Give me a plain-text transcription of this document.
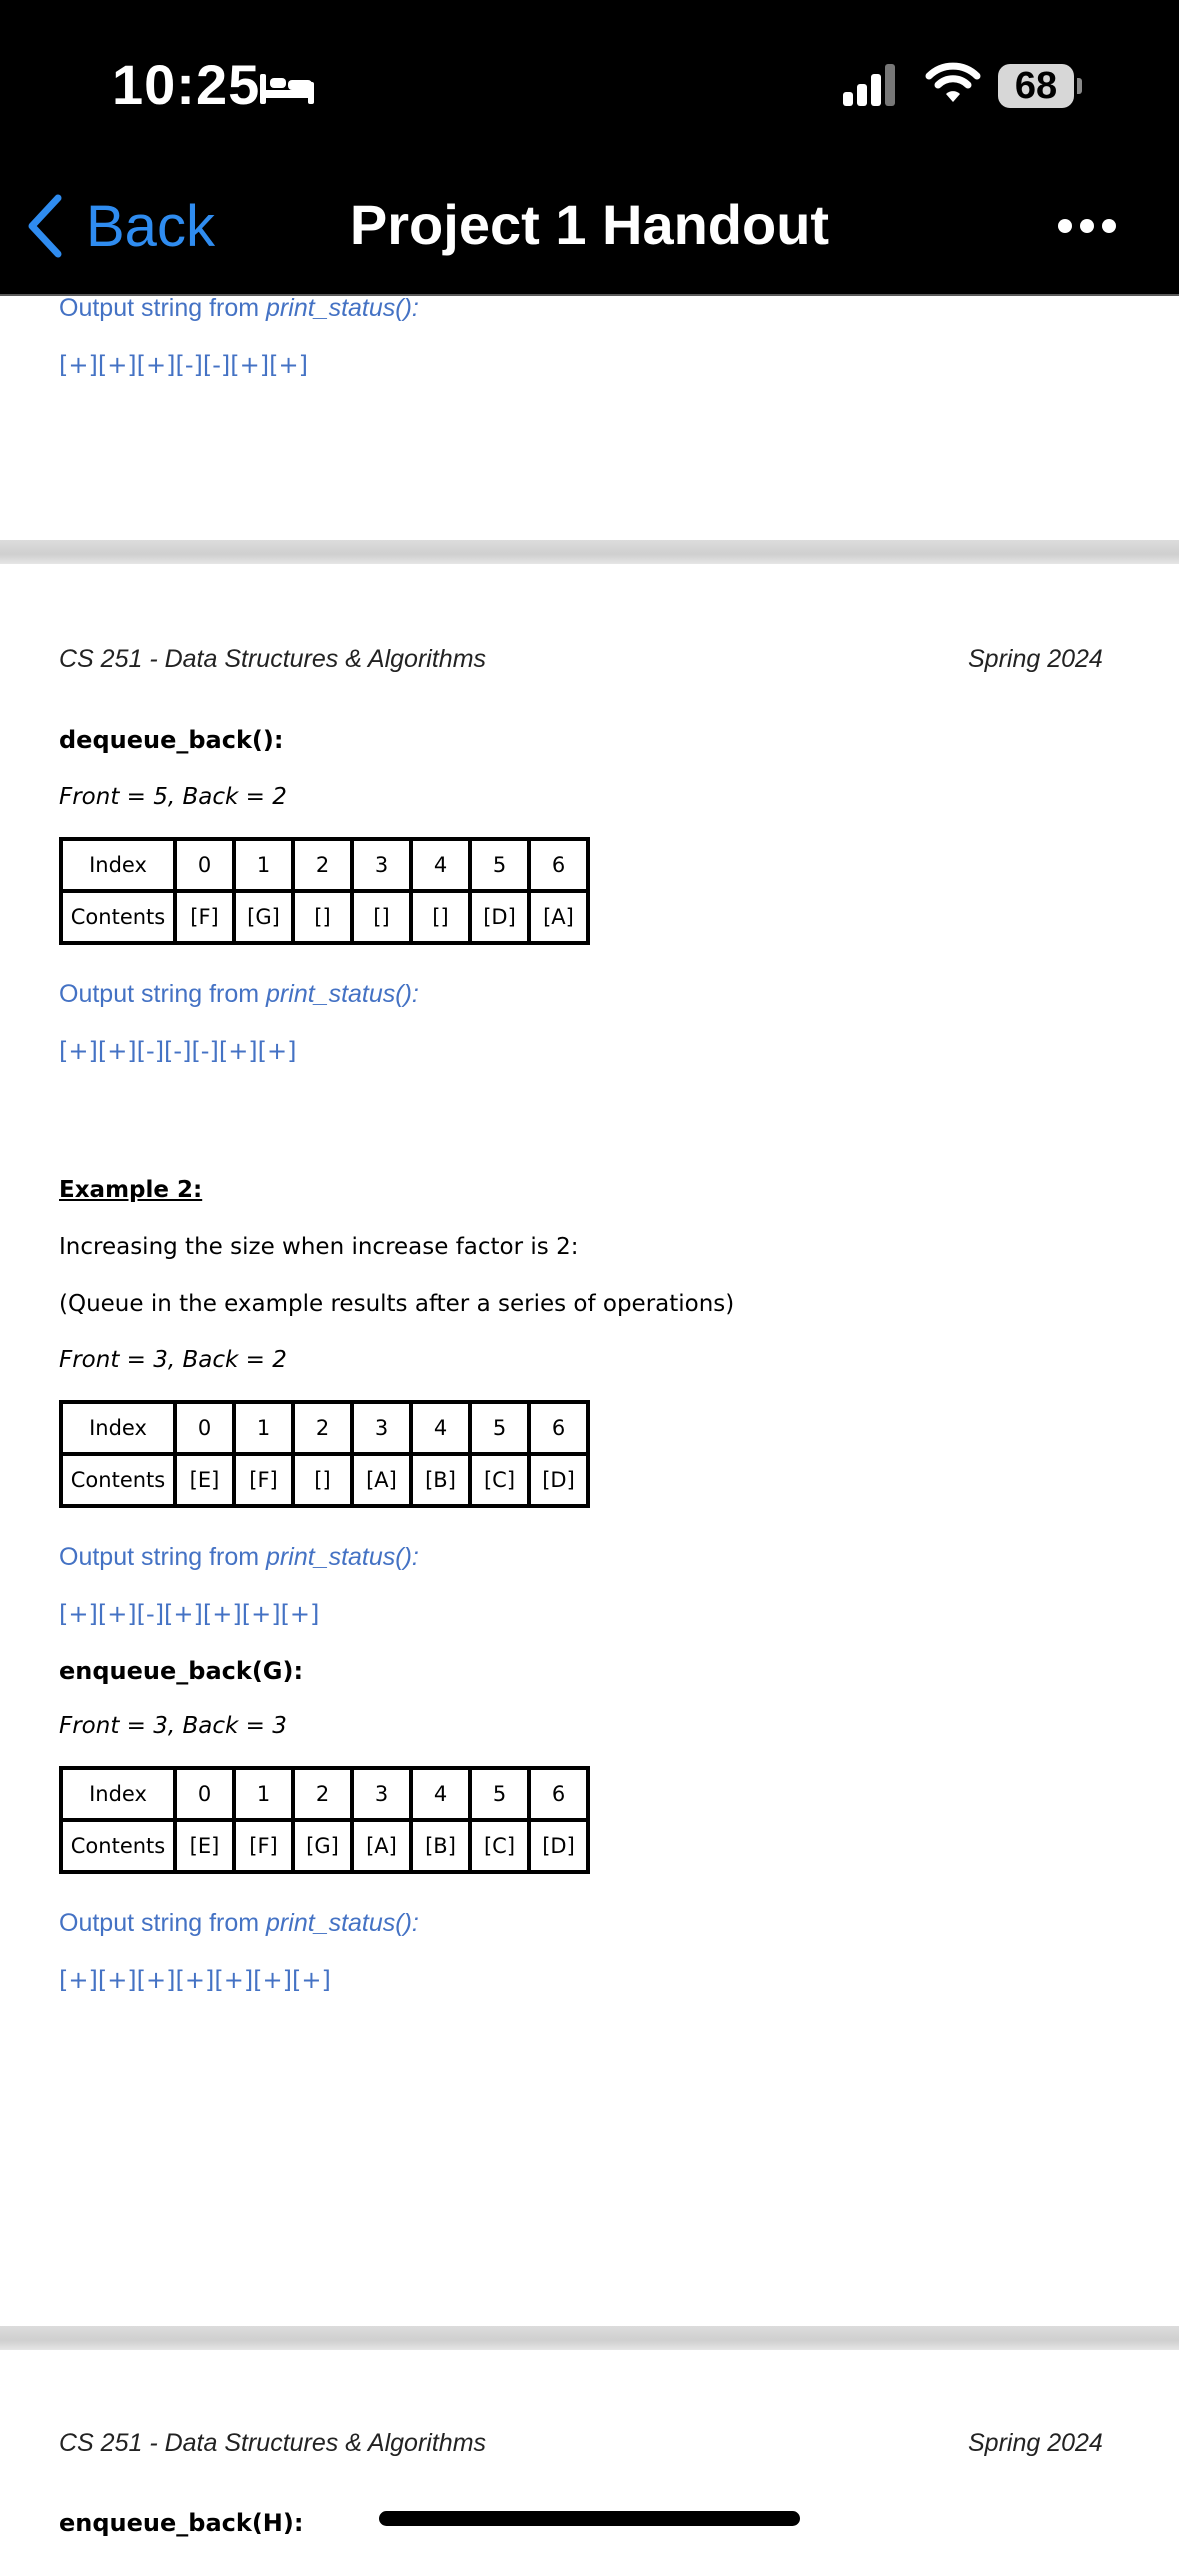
10:25	68
Back	Project 1 Handout
Output string from print_status():
[+][+][+][-][-][+][+]
CS 251 - Data Structures & Algorithms	Spring 2024
dequeue_back():
Front = 5, Back = 2
Index	0	1	2	3	4	5	6
Contents	[F]	[G]	[]	[]	[]	[D]	[A]
Output string from print_status():
[+][+][-][-][-][+][+]
Example 2:
Increasing the size when increase factor is 2:
(Queue in the example results after a series of operations)
Front = 3, Back = 2
Index	0	1	2	3	4	5	6
Contents	[E]	[F]	[]	[A]	[B]	[C]	[D]
Output string from print_status():
[+][+][-][+][+][+][+]
enqueue_back(G):
Front = 3, Back = 3
Index	0	1	2	3	4	5	6
Contents	[E]	[F]	[G]	[A]	[B]	[C]	[D]
Output string from print_status():
[+][+][+][+][+][+][+]
CS 251 - Data Structures & Algorithms	Spring 2024
enqueue_back(H):
